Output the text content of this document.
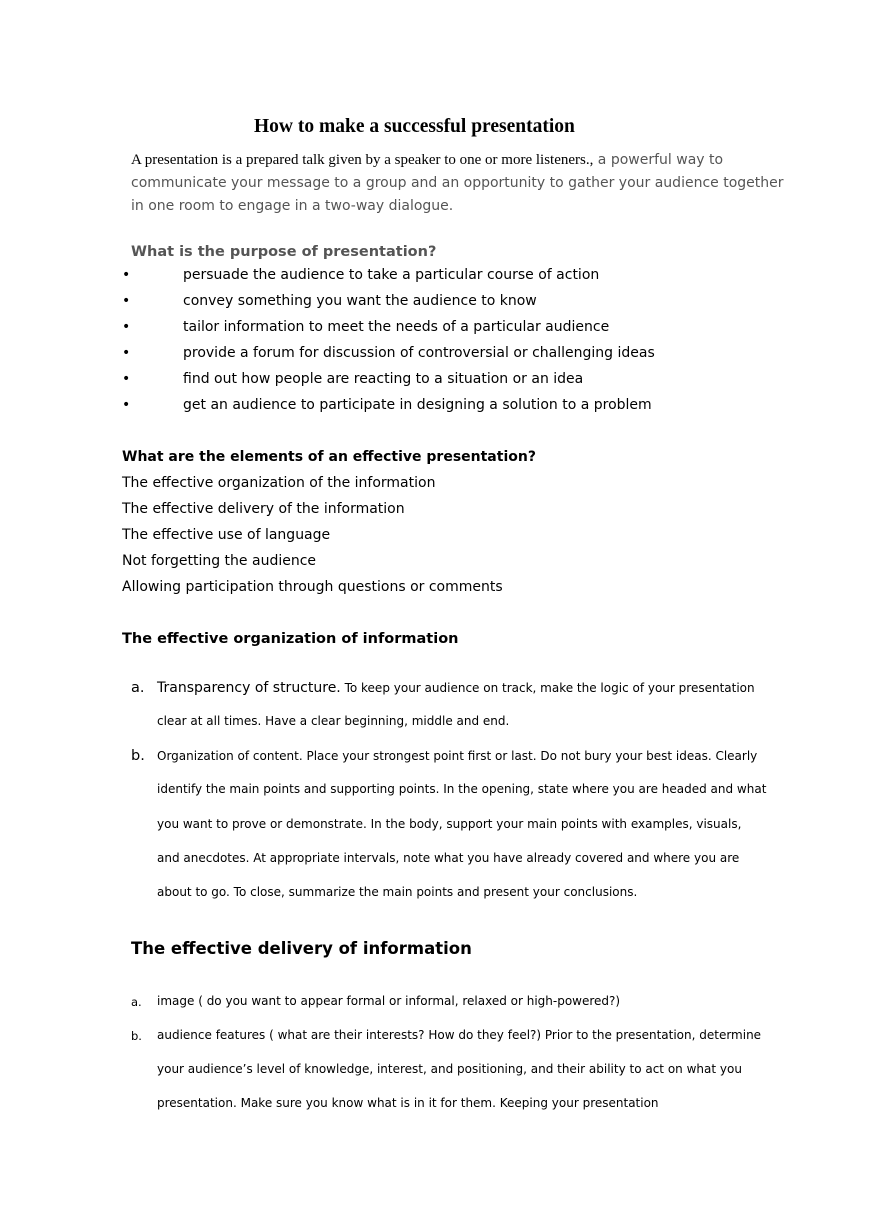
How to make a successful presentation
A presentation is a prepared talk given by a speaker to one or more listeners., a powerful way to
communicate your message to a group and an opportunity to gather your audience together
in one room to engage in a two-way dialogue.
What is the purpose of presentation?
•	persuade the audience to take a particular course of action
•	convey something you want the audience to know
•	tailor information to meet the needs of a particular audience
•	provide a forum for discussion of controversial or challenging ideas
•	find out how people are reacting to a situation or an idea
•	get an audience to participate in designing a solution to a problem
What are the elements of an effective presentation?
The effective organization of the information
The effective delivery of the information
The effective use of language
Not forgetting the audience
Allowing participation through questions or comments
The effective organization of information
a. Transparency of structure. To keep your audience on track, make the logic of your presentation
clear at all times. Have a clear beginning, middle and end.
b. Organization of content. Place your strongest point first or last. Do not bury your best ideas. Clearly
identify the main points and supporting points. In the opening, state where you are headed and what
you want to prove or demonstrate. In the body, support your main points with examples, visuals,
and anecdotes. At appropriate intervals, note what you have already covered and where you are
about to go. To close, summarize the main points and present your conclusions.
The effective delivery of information
a. image ( do you want to appear formal or informal, relaxed or high-powered?)
b. audience features ( what are their interests? How do they feel?) Prior to the presentation, determine
your audience’s level of knowledge, interest, and positioning, and their ability to act on what you
presentation. Make sure you know what is in it for them. Keeping your presentation
